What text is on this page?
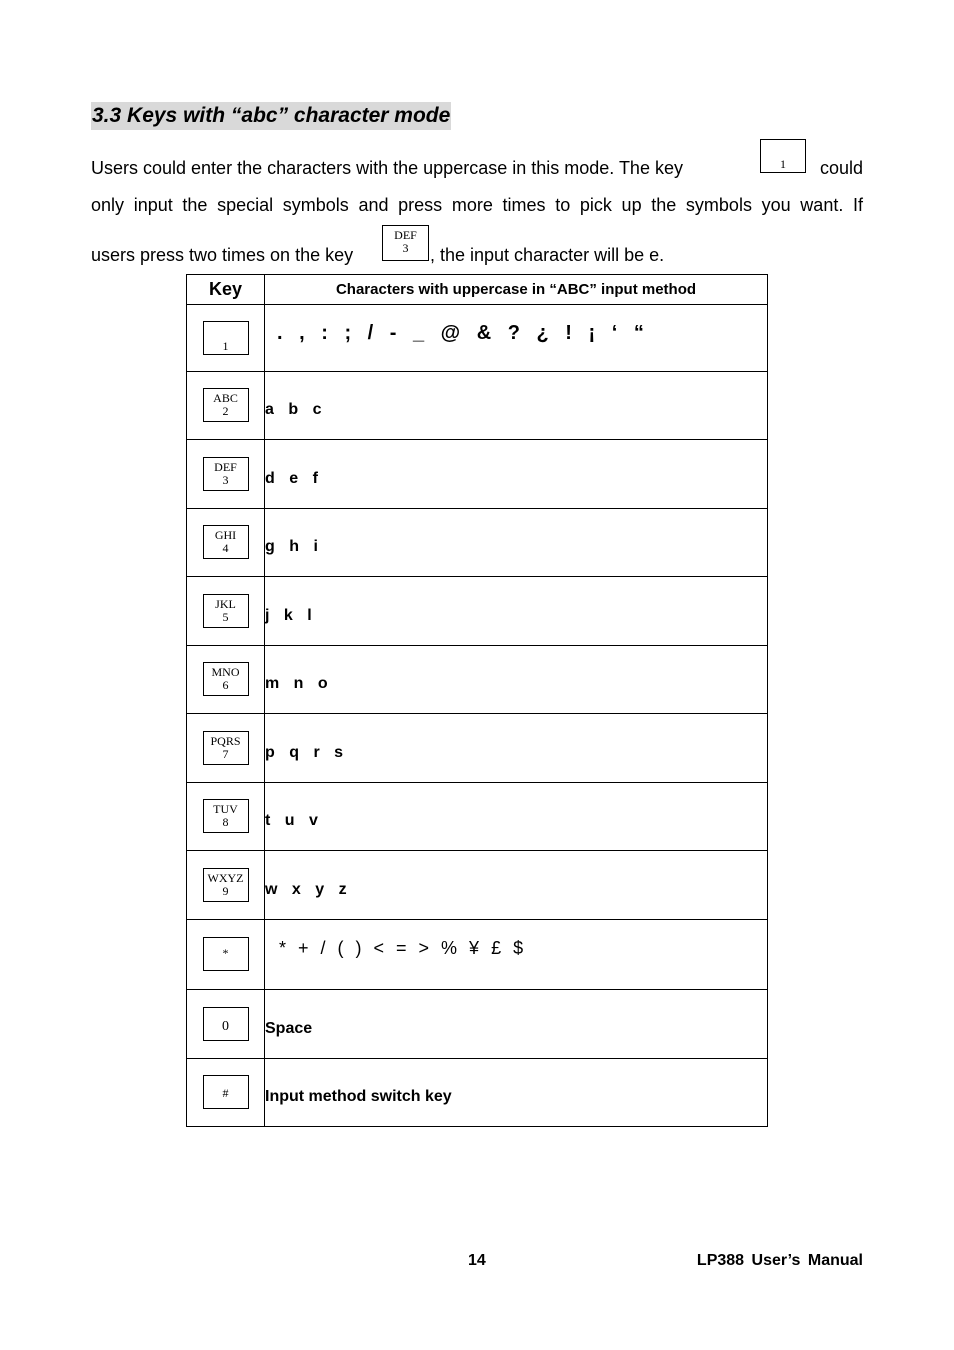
3.3 Keys with “abc” character mode
Users could enter the characters with the uppercase in this mode. The key	1	could
only input the special symbols and press more times to pick up the symbols you want. If
users press two times on the key
DEF
3	, the input character will be e.
Key	Characters with uppercase in “ABC” input method

1	. , : ; / - _ @ & ? ¿ ! ¡ ‘ “

ABC
2	a b c

DEF
3	d e f

GHI
4	g h i

JKL
5	j k l

MNO
6	m n o

PQRS
7	p q r s

TUV
8	t u v

WXYZ
9	w x y z

*	* + / ( ) < = > % ¥ £ $

0	Space

#	Input method switch key
14	LP388 User’s Manual
